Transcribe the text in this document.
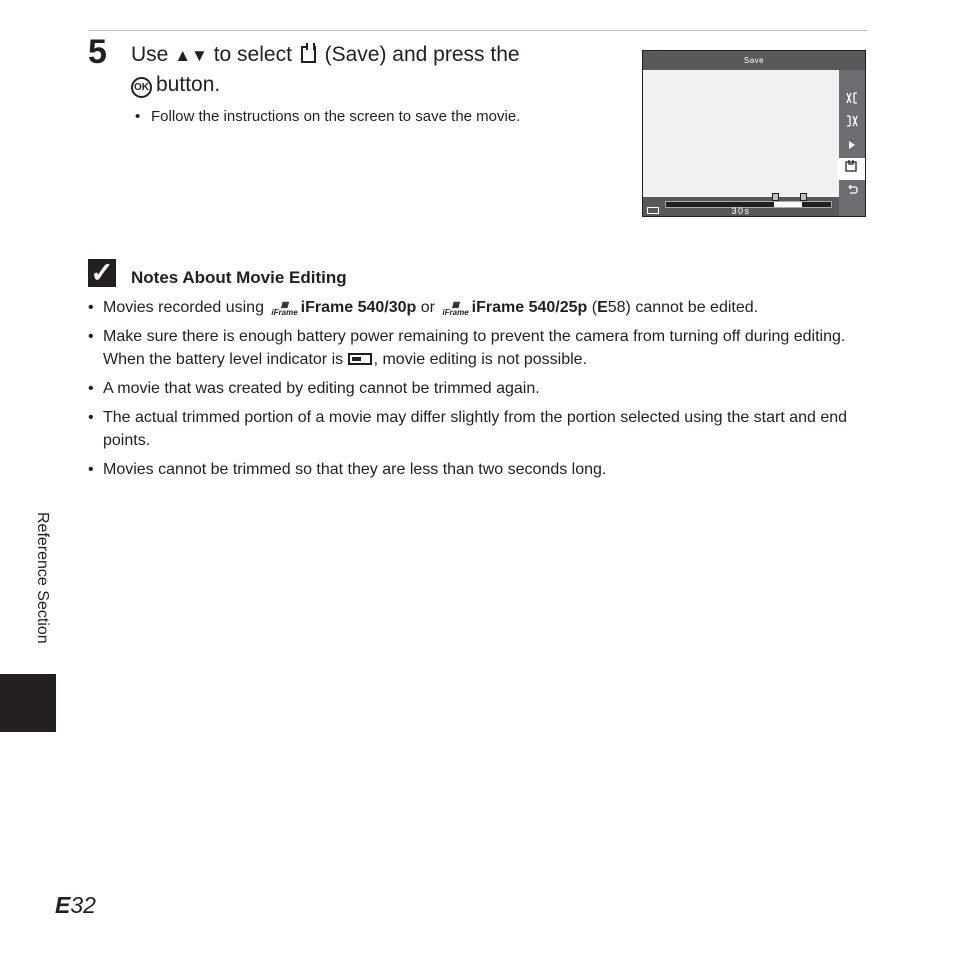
5 Use ▲▼ to select (Save) and press the
OK button.
• Follow the instructions on the screen to save the movie.
Save
30s
✓ Notes About Movie Editing
• Movies recorded using ▦
iFrame iFrame 540/30p or ▦
iFrame iFrame 540/25p (E58) cannot be edited.
• Make sure there is enough battery power remaining to prevent the camera from turning off during editing. When the battery level indicator is , movie editing is not possible.
• A movie that was created by editing cannot be trimmed again.
• The actual trimmed portion of a movie may differ slightly from the portion selected using the start and end points.
• Movies cannot be trimmed so that they are less than two seconds long.
Reference Section
E32
